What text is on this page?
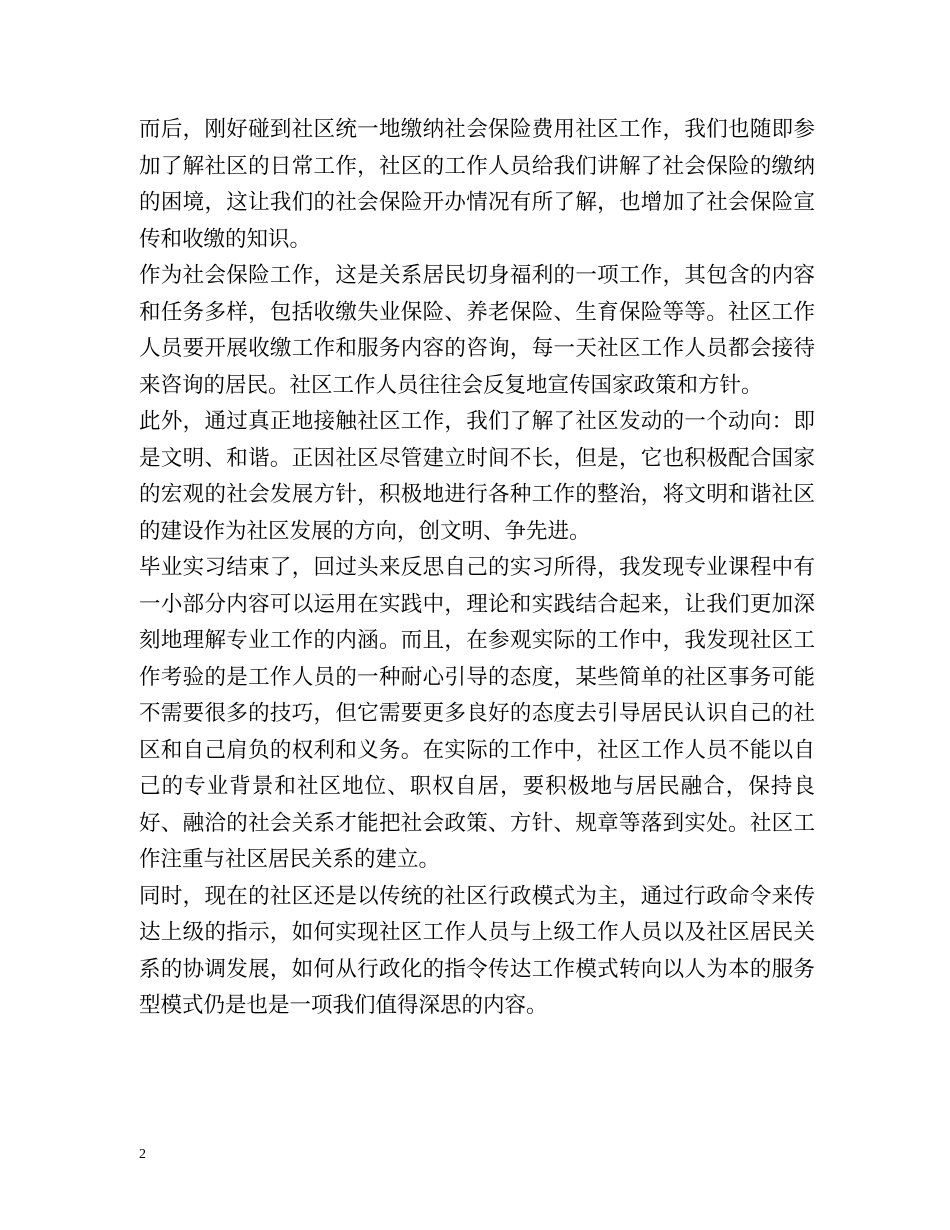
而后，刚好碰到社区统一地缴纳社会保险费用社区工作，我们也随即参加了解社区的日常工作，社区的工作人员给我们讲解了社会保险的缴纳的困境，这让我们的社会保险开办情况有所了解，也增加了社会保险宣传和收缴的知识。

作为社会保险工作，这是关系居民切身福利的一项工作，其包含的内容和任务多样，包括收缴失业保险、养老保险、生育保险等等。社区工作人员要开展收缴工作和服务内容的咨询，每一天社区工作人员都会接待来咨询的居民。社区工作人员往往会反复地宣传国家政策和方针。

此外，通过真正地接触社区工作，我们了解了社区发动的一个动向：即是文明、和谐。正因社区尽管建立时间不长，但是，它也积极配合国家的宏观的社会发展方针，积极地进行各种工作的整治，将文明和谐社区的建设作为社区发展的方向，创文明、争先进。

毕业实习结束了，回过头来反思自己的实习所得，我发现专业课程中有一小部分内容可以运用在实践中，理论和实践结合起来，让我们更加深刻地理解专业工作的内涵。而且，在参观实际的工作中，我发现社区工作考验的是工作人员的一种耐心引导的态度，某些简单的社区事务可能不需要很多的技巧，但它需要更多良好的态度去引导居民认识自己的社区和自己肩负的权利和义务。在实际的工作中，社区工作人员不能以自己的专业背景和社区地位、职权自居，要积极地与居民融合，保持良好、融洽的社会关系才能把社会政策、方针、规章等落到实处。社区工作注重与社区居民关系的建立。

同时，现在的社区还是以传统的社区行政模式为主，通过行政命令来传达上级的指示，如何实现社区工作人员与上级工作人员以及社区居民关系的协调发展，如何从行政化的指令传达工作模式转向以人为本的服务型模式仍是也是一项我们值得深思的内容。

2
